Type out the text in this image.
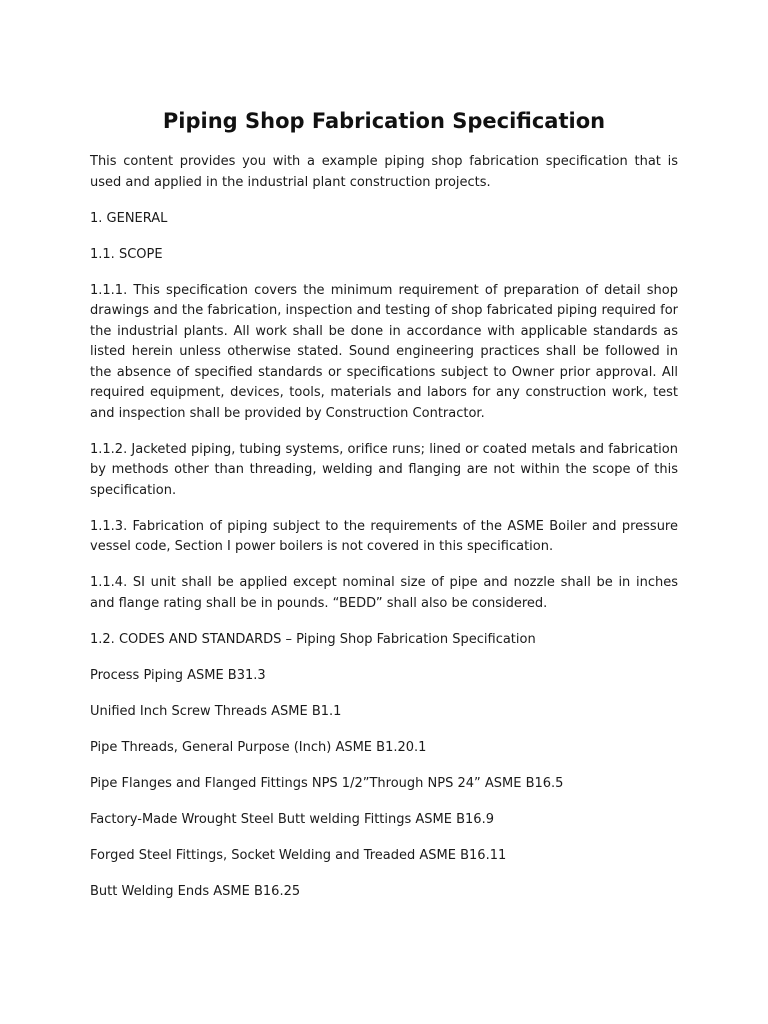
Piping Shop Fabrication Specification

This content provides you with a example piping shop fabrication specification that is used and applied in the industrial plant construction projects.

1. GENERAL

1.1. SCOPE

1.1.1. This specification covers the minimum requirement of preparation of detail shop drawings and the fabrication, inspection and testing of shop fabricated piping required for the industrial plants. All work shall be done in accordance with applicable standards as listed herein unless otherwise stated. Sound engineering practices shall be followed in the absence of specified standards or specifications subject to Owner prior approval. All required equipment, devices, tools, materials and labors for any construction work, test and inspection shall be provided by Construction Contractor.

1.1.2. Jacketed piping, tubing systems, orifice runs; lined or coated metals and fabrication by methods other than threading, welding and flanging are not within the scope of this specification.

1.1.3. Fabrication of piping subject to the requirements of the ASME Boiler and pressure vessel code, Section I power boilers is not covered in this specification.

1.1.4. SI unit shall be applied except nominal size of pipe and nozzle shall be in inches and flange rating shall be in pounds. “BEDD” shall also be considered.

1.2. CODES AND STANDARDS – Piping Shop Fabrication Specification

Process Piping ASME B31.3

Unified Inch Screw Threads ASME B1.1

Pipe Threads, General Purpose (Inch) ASME B1.20.1

Pipe Flanges and Flanged Fittings NPS 1/2”Through NPS 24” ASME B16.5

Factory-Made Wrought Steel Butt welding Fittings ASME B16.9

Forged Steel Fittings, Socket Welding and Treaded ASME B16.11

Butt Welding Ends ASME B16.25
